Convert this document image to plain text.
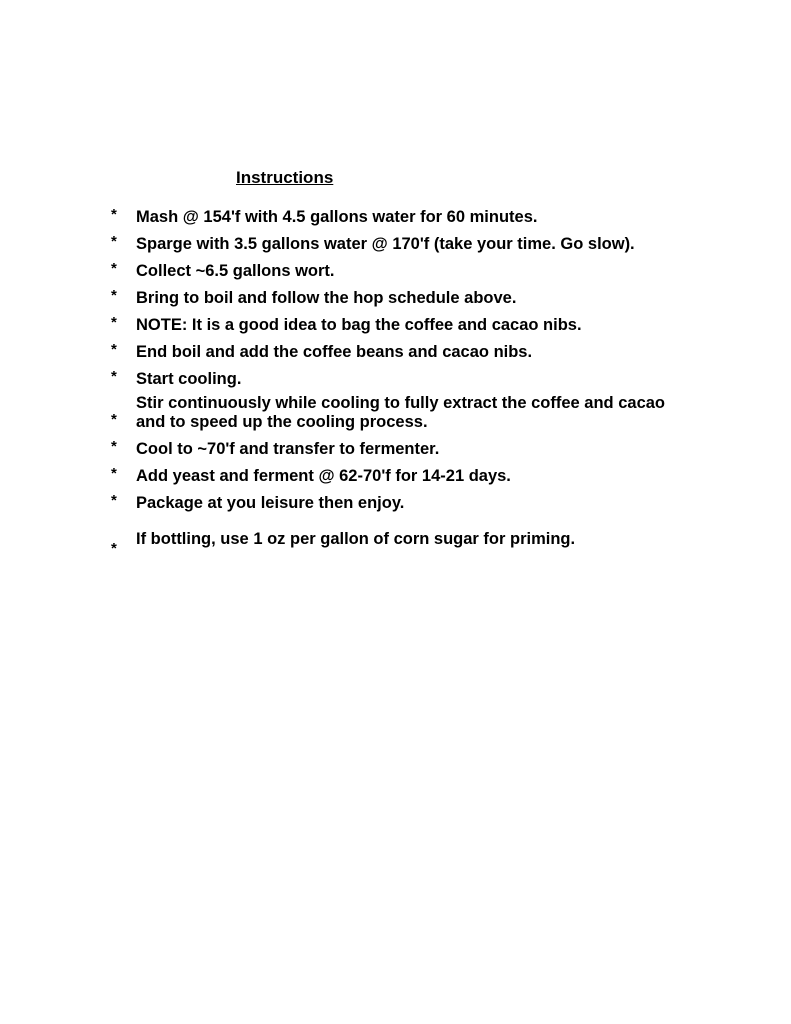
Instructions
* Mash @ 154'f with 4.5 gallons water for 60 minutes.
* Sparge with 3.5 gallons water @ 170'f (take your time. Go slow).
* Collect ~6.5 gallons wort.
* Bring to boil and follow the hop schedule above.
* NOTE: It is a good idea to bag the coffee and cacao nibs.
* End boil and add the coffee beans and cacao nibs.
* Start cooling.
Stir continuously while cooling to fully extract the coffee and cacao
* and to speed up the cooling process.
* Cool to ~70'f and transfer to fermenter.
* Add yeast and ferment @ 62-70'f for 14-21 days.
* Package at you leisure then enjoy.
If bottling, use 1 oz per gallon of corn sugar for priming.
*
